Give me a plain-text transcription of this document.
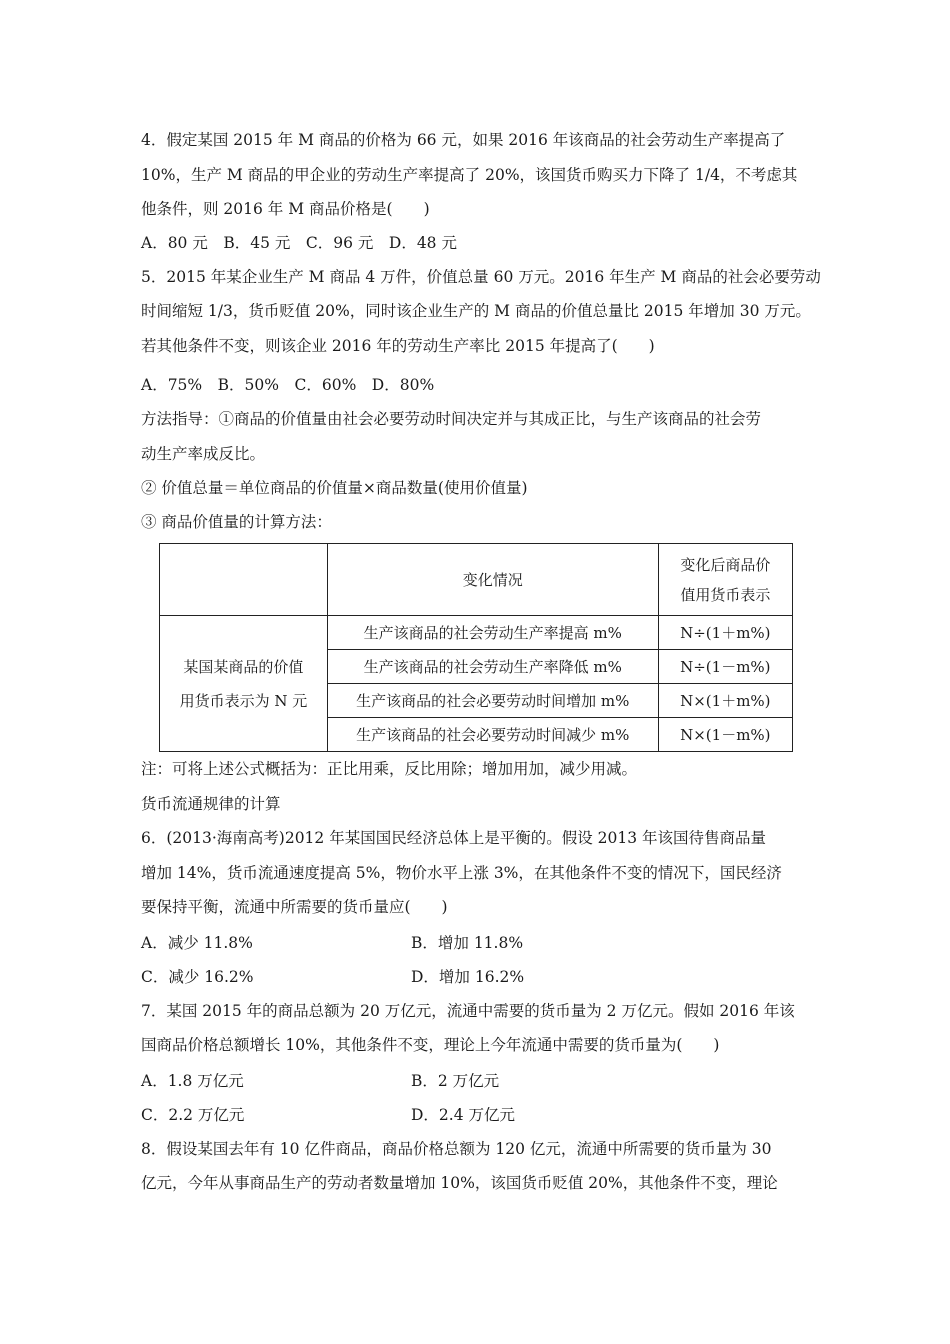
4．假定某国 2015 年 M 商品的价格为 66 元，如果 2016 年该商品的社会劳动生产率提高了
10%，生产 M 商品的甲企业的劳动生产率提高了 20%，该国货币购买力下降了 1/4，不考虑其
他条件，则 2016 年 M 商品价格是(　　)
A．80 元　B．45 元　C．96 元　D．48 元
5．2015 年某企业生产 M 商品 4 万件，价值总量 60 万元。2016 年生产 M 商品的社会必要劳动
时间缩短 1/3，货币贬值 20%，同时该企业生产的 M 商品的价值总量比 2015 年增加 30 万元。
若其他条件不变，则该企业 2016 年的劳动生产率比 2015 年提高了(　　)
A．75%　B．50%　C．60%　D．80%
方法指导：①商品的价值量由社会必要劳动时间决定并与其成正比，与生产该商品的社会劳
动生产率成反比。
② 价值总量＝单位商品的价值量×商品数量(使用价值量)
③ 商品价值量的计算方法：
	变化情况	变化后商品价
值用货币表示

某国某商品的价值
用货币表示为 N 元	生产该商品的社会劳动生产率提高 m%	N÷(1＋m%)
	生产该商品的社会劳动生产率降低 m%	N÷(1－m%)
	生产该商品的社会必要劳动时间增加 m%	N×(1＋m%)
	生产该商品的社会必要劳动时间减少 m%	N×(1－m%)
注：可将上述公式概括为：正比用乘，反比用除；增加用加，减少用减。
货币流通规律的计算
6．(2013·海南高考)2012 年某国国民经济总体上是平衡的。假设 2013 年该国待售商品量
增加 14%，货币流通速度提高 5%，物价水平上涨 3%，在其他条件不变的情况下，国民经济
要保持平衡，流通中所需要的货币量应(　　)
A．减少 11.8%	B．增加 11.8%
C．减少 16.2%	D．增加 16.2%
7．某国 2015 年的商品总额为 20 万亿元，流通中需要的货币量为 2 万亿元。假如 2016 年该
国商品价格总额增长 10%，其他条件不变，理论上今年流通中需要的货币量为(　　)
A．1.8 万亿元	B．2 万亿元
C．2.2 万亿元	D．2.4 万亿元
8．假设某国去年有 10 亿件商品，商品价格总额为 120 亿元，流通中所需要的货币量为 30
亿元，今年从事商品生产的劳动者数量增加 10%，该国货币贬值 20%，其他条件不变，理论
